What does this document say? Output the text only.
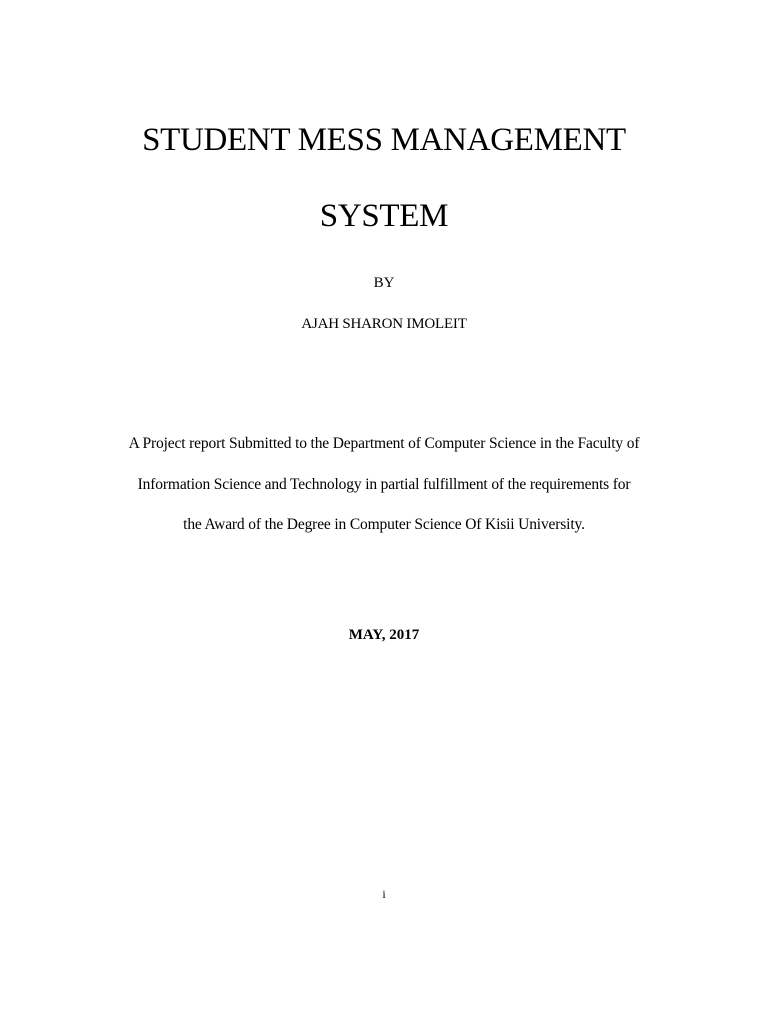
STUDENT MESS MANAGEMENT
SYSTEM
BY
AJAH SHARON IMOLEIT
A Project report Submitted to the Department of Computer Science in the Faculty of
Information Science and Technology in partial fulfillment of the requirements for
the Award of the Degree in Computer Science Of Kisii University.
MAY, 2017
i
